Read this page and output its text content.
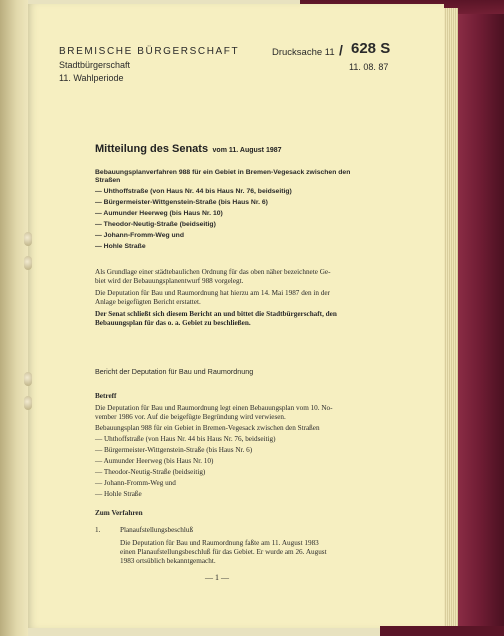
BREMISCHE BÜRGERSCHAFT
Stadtbürgerschaft
11. Wahlperiode
Drucksache 11 / 628 S
11. 08. 87
Mitteilung des Senats vom 11. August 1987
Bebauungsplanverfahren 988 für ein Gebiet in Bremen-Vegesack zwischen den
Straßen
— Uhthoffstraße (von Haus Nr. 44 bis Haus Nr. 76, beidseitig)
— Bürgermeister-Wittgenstein-Straße (bis Haus Nr. 6)
— Aumunder Heerweg (bis Haus Nr. 10)
— Theodor-Neutig-Straße (beidseitig)
— Johann-Fromm-Weg und
— Hohle Straße
Als Grundlage einer städtebaulichen Ordnung für das oben näher bezeichnete Ge-
biet wird der Bebauungsplanentwurf 988 vorgelegt.
Die Deputation für Bau und Raumordnung hat hierzu am 14. Mai 1987 den in der
Anlage beigefügten Bericht erstattet.
Der Senat schließt sich diesem Bericht an und bittet die Stadtbürgerschaft, den
Bebauungsplan für das o. a. Gebiet zu beschließen.
Bericht der Deputation für Bau und Raumordnung
Betreff
Die Deputation für Bau und Raumordnung legt einen Bebauungsplan vom 10. No-
vember 1986 vor. Auf die beigefügte Begründung wird verwiesen.
Bebauungsplan 988 für ein Gebiet in Bremen-Vegesack zwischen den Straßen
— Uhthoffstraße (von Haus Nr. 44 bis Haus Nr. 76, beidseitig)
— Bürgermeister-Wittgenstein-Straße (bis Haus Nr. 6)
— Aumunder Heerweg (bis Haus Nr. 10)
— Theodor-Neutig-Straße (beidseitig)
— Johann-Fromm-Weg und
— Hohle Straße
Zum Verfahren
1.	Planaufstellungsbeschluß
Die Deputation für Bau und Raumordnung faßte am 11. August 1983
einen Planaufstellungsbeschluß für das Gebiet. Er wurde am 26. August
1983 ortsüblich bekanntgemacht.
— 1 —
